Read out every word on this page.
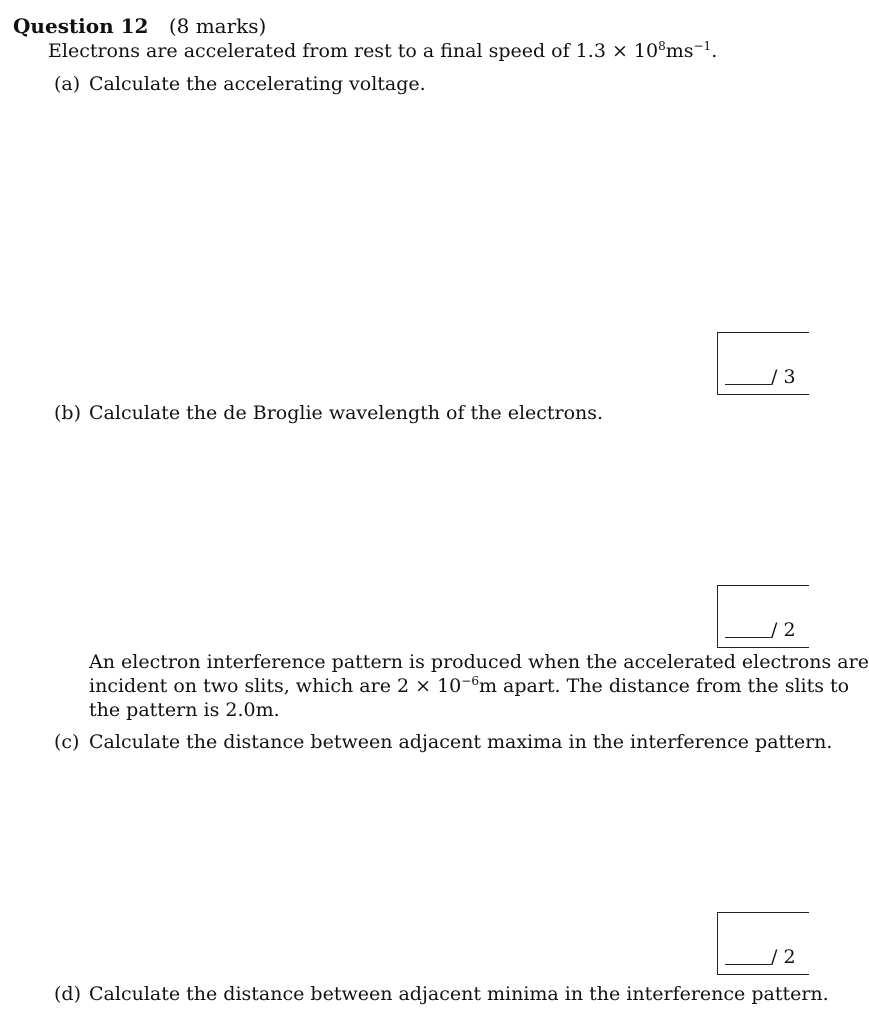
Question 12 (8 marks)
Electrons are accelerated from rest to a final speed of $1.3 \times 10^8ms^{-1}$.
(a) Calculate the accelerating voltage.
/ 3
(b) Calculate the de Broglie wavelength of the electrons.
/ 2
An electron interference pattern is produced when the accelerated electrons are
incident on two slits, which are $2 \times 10^{-6}m$ apart. The distance from the slits to
the pattern is 2.0m.
(c) Calculate the distance between adjacent maxima in the interference pattern.
/ 2
(d) Calculate the distance between adjacent minima in the interference pattern.
